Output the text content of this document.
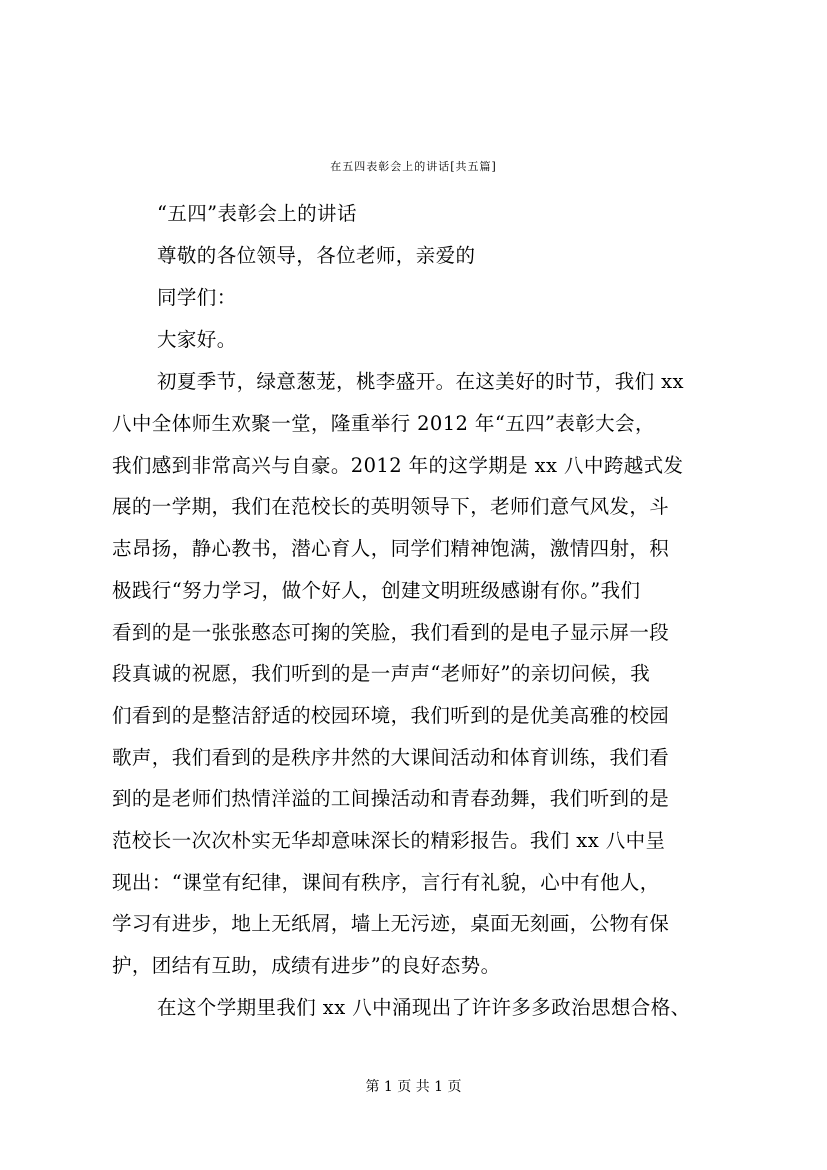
在五四表彰会上的讲话[共五篇]
“五四”表彰会上的讲话
尊敬的各位领导，各位老师，亲爱的
同学们：
大家好。
初夏季节，绿意葱茏，桃李盛开。在这美好的时节，我们 xx
八中全体师生欢聚一堂，隆重举行 2012 年“五四”表彰大会，
我们感到非常高兴与自豪。2012 年的这学期是 xx 八中跨越式发
展的一学期，我们在范校长的英明领导下，老师们意气风发，斗
志昂扬，静心教书，潜心育人，同学们精神饱满，激情四射，积
极践行“努力学习，做个好人，创建文明班级感谢有你。”我们
看到的是一张张憨态可掬的笑脸，我们看到的是电子显示屏一段
段真诚的祝愿，我们听到的是一声声“老师好”的亲切问候，我
们看到的是整洁舒适的校园环境，我们听到的是优美高雅的校园
歌声，我们看到的是秩序井然的大课间活动和体育训练，我们看
到的是老师们热情洋溢的工间操活动和青春劲舞，我们听到的是
范校长一次次朴实无华却意味深长的精彩报告。我们 xx 八中呈
现出：“课堂有纪律，课间有秩序，言行有礼貌，心中有他人，
学习有进步，地上无纸屑，墙上无污迹，桌面无刻画，公物有保
护，团结有互助，成绩有进步”的良好态势。
在这个学期里我们 xx 八中涌现出了许许多多政治思想合格、
第 1 页 共 1 页
